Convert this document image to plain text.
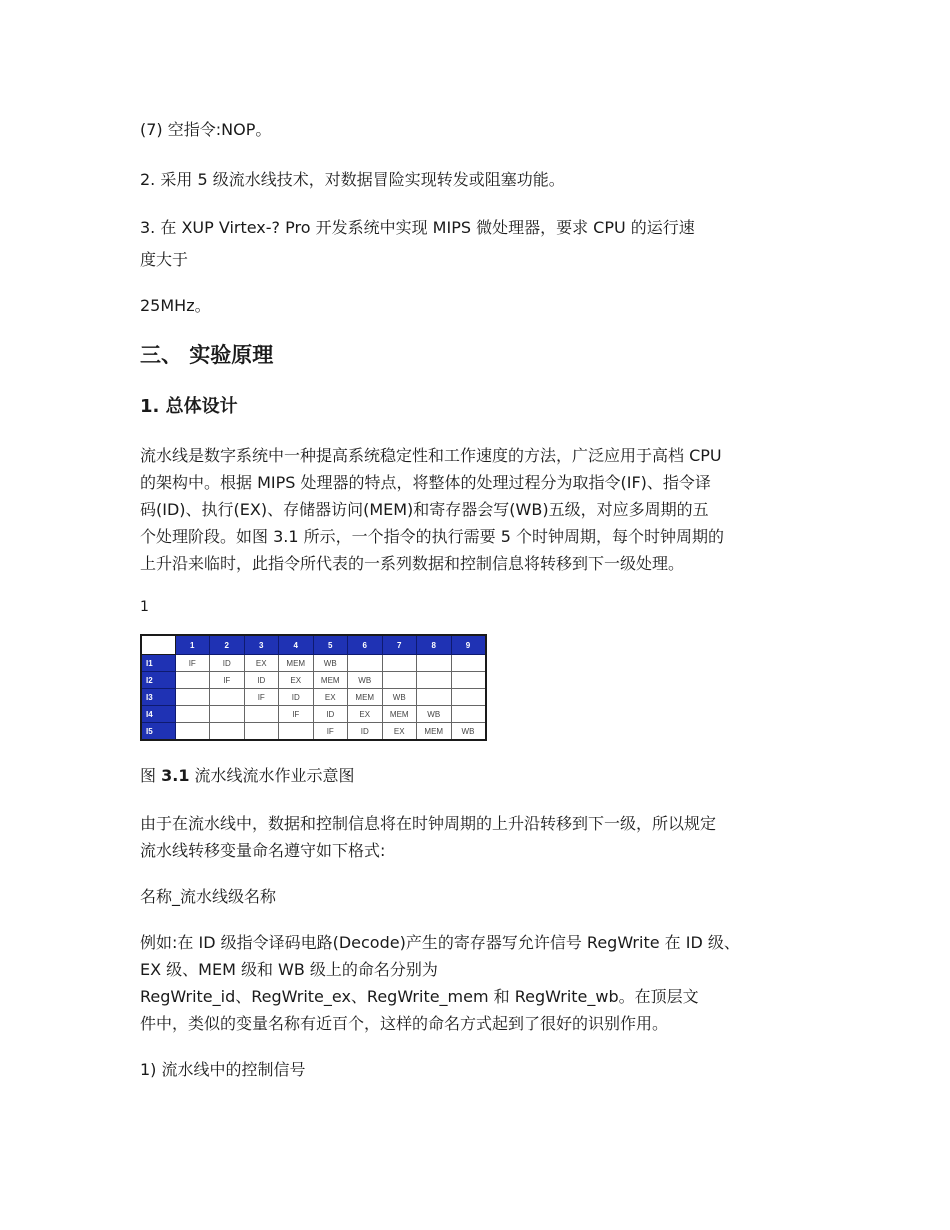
(7) 空指令:NOP。

2. 采用 5 级流水线技术，对数据冒险实现转发或阻塞功能。

3. 在 XUP Virtex-? Pro 开发系统中实现 MIPS 微处理器，要求 CPU 的运行速
度大于

25MHz。

三、 实验原理
1. 总体设计

流水线是数字系统中一种提高系统稳定性和工作速度的方法，广泛应用于高档 CPU
的架构中。根据 MIPS 处理器的特点，将整体的处理过程分为取指令(IF)、指令译
码(ID)、执行(EX)、存储器访问(MEM)和寄存器会写(WB)五级，对应多周期的五
个处理阶段。如图 3.1 所示，一个指令的执行需要 5 个时钟周期，每个时钟周期的
上升沿来临时，此指令所代表的一系列数据和控制信息将转移到下一级处理。

1

	1	2	3	4	5	6	7	8	9
I1	IF	ID	EX	MEM	WB				
I2		IF	ID	EX	MEM	WB			
I3			IF	ID	EX	MEM	WB		
I4				IF	ID	EX	MEM	WB	
I5					IF	ID	EX	MEM	WB

图 3.1 流水线流水作业示意图

由于在流水线中，数据和控制信息将在时钟周期的上升沿转移到下一级，所以规定
流水线转移变量命名遵守如下格式:

名称_流水线级名称

例如:在 ID 级指令译码电路(Decode)产生的寄存器写允许信号 RegWrite 在 ID 级、
EX 级、MEM 级和 WB 级上的命名分别为
RegWrite_id、RegWrite_ex、RegWrite_mem 和 RegWrite_wb。在顶层文
件中，类似的变量名称有近百个，这样的命名方式起到了很好的识别作用。

1) 流水线中的控制信号
